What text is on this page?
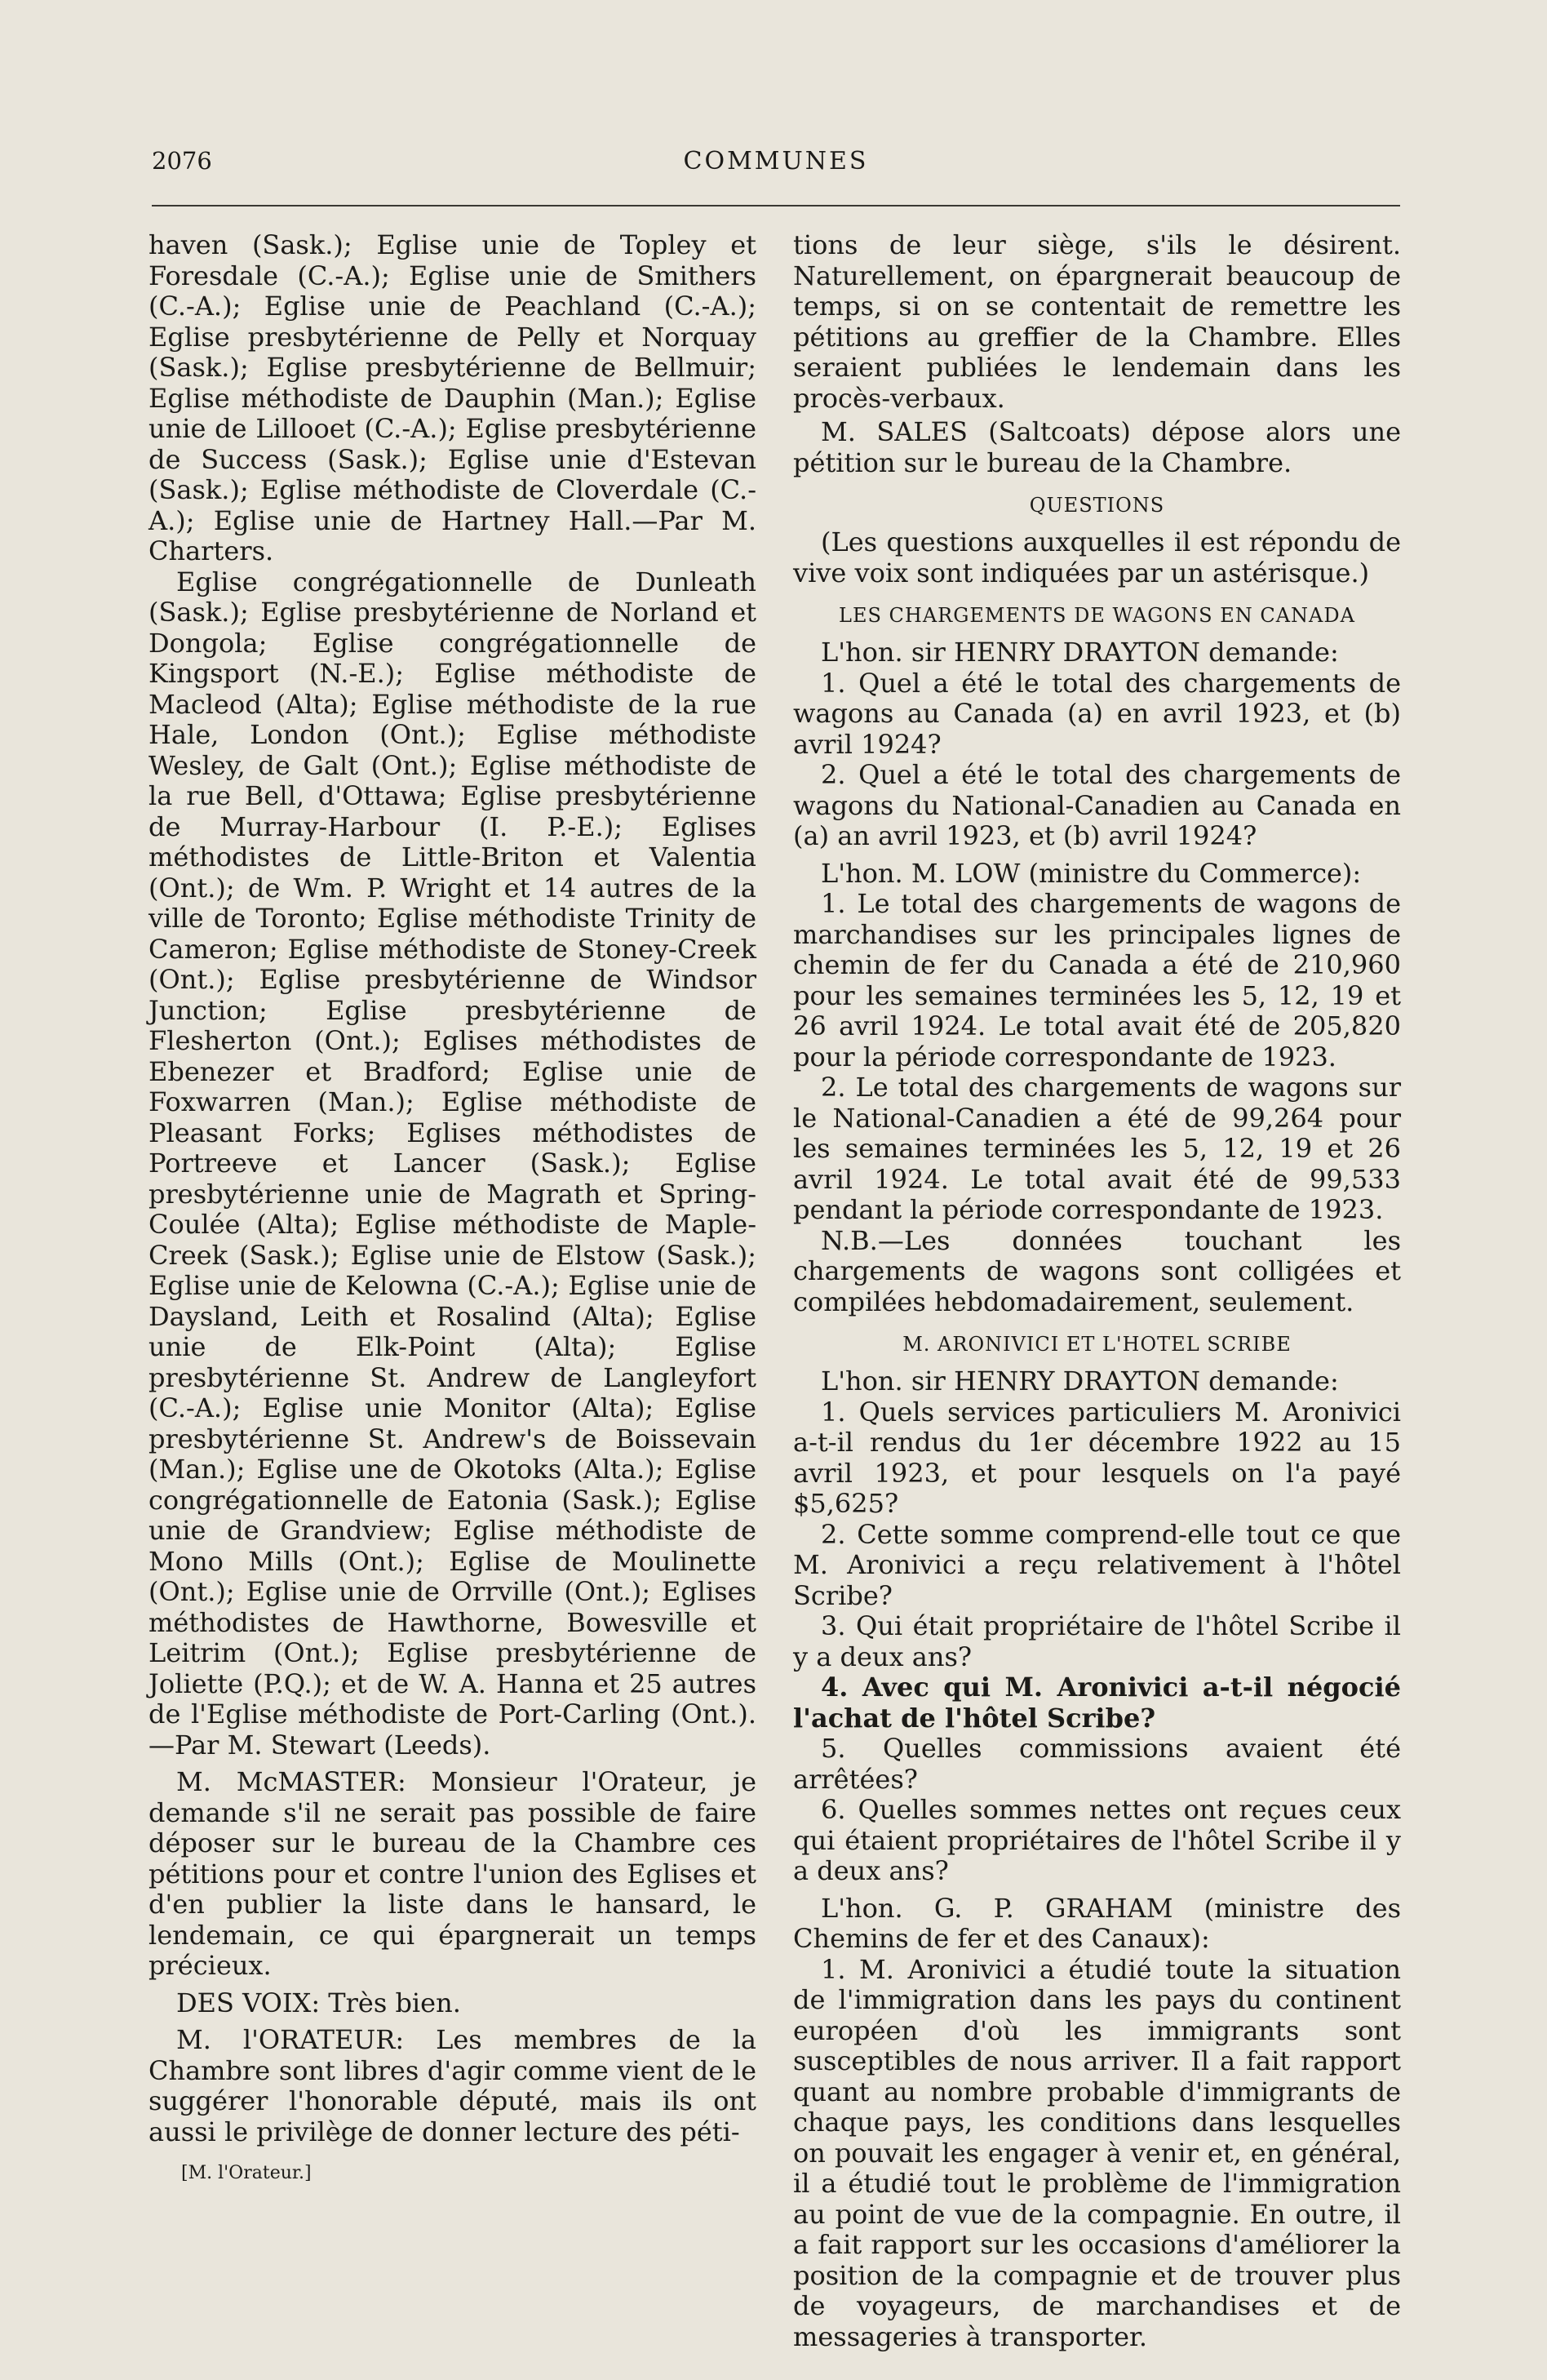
2076	COMMUNES

haven (Sask.); Eglise unie de Topley et Foresdale (C.-A.); Eglise unie de Smithers (C.-A.); Eglise unie de Peachland (C.-A.); Eglise presbytérienne de Pelly et Norquay (Sask.); Eglise presbytérienne de Bellmuir; Eglise méthodiste de Dauphin (Man.); Eglise unie de Lillooet (C.-A.); Eglise presbytérienne de Success (Sask.); Eglise unie d'Estevan (Sask.); Eglise méthodiste de Cloverdale (C.-A.); Eglise unie de Hartney Hall.—Par M. Charters.

Eglise congrégationnelle de Dunleath (Sask.); Eglise presbytérienne de Norland et Dongola; Eglise congrégationnelle de Kingsport (N.-E.); Eglise méthodiste de Macleod (Alta); Eglise méthodiste de la rue Hale, London (Ont.); Eglise méthodiste Wesley, de Galt (Ont.); Eglise méthodiste de la rue Bell, d'Ottawa; Eglise presbytérienne de Murray-Harbour (I. P.-E.); Eglises méthodistes de Little-Briton et Valentia (Ont.); de Wm. P. Wright et 14 autres de la ville de Toronto; Eglise méthodiste Trinity de Cameron; Eglise méthodiste de Stoney-Creek (Ont.); Eglise presbytérienne de Windsor Junction; Eglise presbytérienne de Flesherton (Ont.); Eglises méthodistes de Ebenezer et Bradford; Eglise unie de Foxwarren (Man.); Eglise méthodiste de Pleasant Forks; Eglises méthodistes de Portreeve et Lancer (Sask.); Eglise presbytérienne unie de Magrath et Spring-Coulée (Alta); Eglise méthodiste de Maple-Creek (Sask.); Eglise unie de Elstow (Sask.); Eglise unie de Kelowna (C.-A.); Eglise unie de Daysland, Leith et Rosalind (Alta); Eglise unie de Elk-Point (Alta); Eglise presbytérienne St. Andrew de Langleyfort (C.-A.); Eglise unie Monitor (Alta); Eglise presbytérienne St. Andrew's de Boissevain (Man.); Eglise une de Okotoks (Alta.); Eglise congrégationnelle de Eatonia (Sask.); Eglise unie de Grandview; Eglise méthodiste de Mono Mills (Ont.); Eglise de Moulinette (Ont.); Eglise unie de Orrville (Ont.); Eglises méthodistes de Hawthorne, Bowesville et Leitrim (Ont.); Eglise presbytérienne de Joliette (P.Q.); et de W. A. Hanna et 25 autres de l'Eglise méthodiste de Port-Carling (Ont.).—Par M. Stewart (Leeds).

M. McMASTER: Monsieur l'Orateur, je demande s'il ne serait pas possible de faire déposer sur le bureau de la Chambre ces pétitions pour et contre l'union des Eglises et d'en publier la liste dans le hansard, le lendemain, ce qui épargnerait un temps précieux.

DES VOIX: Très bien.

M. l'ORATEUR: Les membres de la Chambre sont libres d'agir comme vient de le suggérer l'honorable député, mais ils ont aussi le privilège de donner lecture des péti-

[M. l'Orateur.]

tions de leur siège, s'ils le désirent. Naturellement, on épargnerait beaucoup de temps, si on se contentait de remettre les pétitions au greffier de la Chambre. Elles seraient publiées le lendemain dans les procès-verbaux.

M. SALES (Saltcoats) dépose alors une pétition sur le bureau de la Chambre.

QUESTIONS

(Les questions auxquelles il est répondu de vive voix sont indiquées par un astérisque.)

LES CHARGEMENTS DE WAGONS EN CANADA

L'hon. sir HENRY DRAYTON demande:

1. Quel a été le total des chargements de wagons au Canada (a) en avril 1923, et (b) avril 1924?

2. Quel a été le total des chargements de wagons du National-Canadien au Canada en (a) an avril 1923, et (b) avril 1924?

L'hon. M. LOW (ministre du Commerce):

1. Le total des chargements de wagons de marchandises sur les principales lignes de chemin de fer du Canada a été de 210,960 pour les semaines terminées les 5, 12, 19 et 26 avril 1924. Le total avait été de 205,820 pour la période correspondante de 1923.

2. Le total des chargements de wagons sur le National-Canadien a été de 99,264 pour les semaines terminées les 5, 12, 19 et 26 avril 1924. Le total avait été de 99,533 pendant la période correspondante de 1923.

N.B.—Les données touchant les chargements de wagons sont colligées et compilées hebdomadairement, seulement.

M. ARONIVICI ET L'HOTEL SCRIBE

L'hon. sir HENRY DRAYTON demande:

1. Quels services particuliers M. Aronivici a-t-il rendus du 1er décembre 1922 au 15 avril 1923, et pour lesquels on l'a payé $5,625?

2. Cette somme comprend-elle tout ce que M. Aronivici a reçu relativement à l'hôtel Scribe?

3. Qui était propriétaire de l'hôtel Scribe il y a deux ans?

4. Avec qui M. Aronivici a-t-il négocié l'achat de l'hôtel Scribe?

5. Quelles commissions avaient été arrêtées?

6. Quelles sommes nettes ont reçues ceux qui étaient propriétaires de l'hôtel Scribe il y a deux ans?

L'hon. G. P. GRAHAM (ministre des Chemins de fer et des Canaux):

1. M. Aronivici a étudié toute la situation de l'immigration dans les pays du continent européen d'où les immigrants sont susceptibles de nous arriver. Il a fait rapport quant au nombre probable d'immigrants de chaque pays, les conditions dans lesquelles on pouvait les engager à venir et, en général, il a étudié tout le problème de l'immigration au point de vue de la compagnie. En outre, il a fait rapport sur les occasions d'améliorer la position de la compagnie et de trouver plus de voyageurs, de marchandises et de messageries à transporter.
